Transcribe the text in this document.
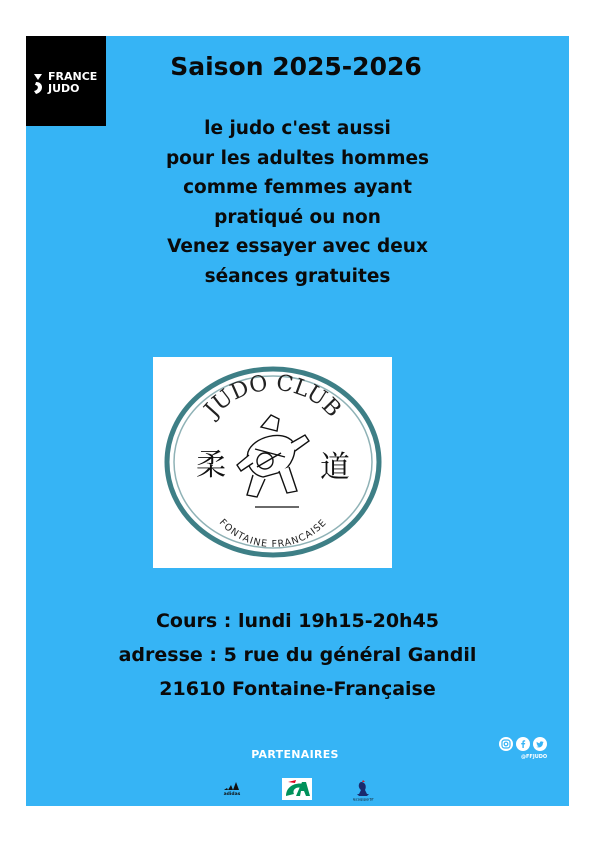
FRANCE
JUDO
Saison 2025-2026
le judo c'est aussi
pour les adultes hommes
comme femmes ayant
pratiqué ou non
Venez essayer avec deux
séances gratuites
JUDO CLUB
FONTAINE FRANCAISE
柔	道
Cours : lundi 19h15-20h45
adresse : 5 rue du général Gandil
21610 Fontaine-Française
PARTENAIRES	@FFJUDO
adidas
lecoqsportif
